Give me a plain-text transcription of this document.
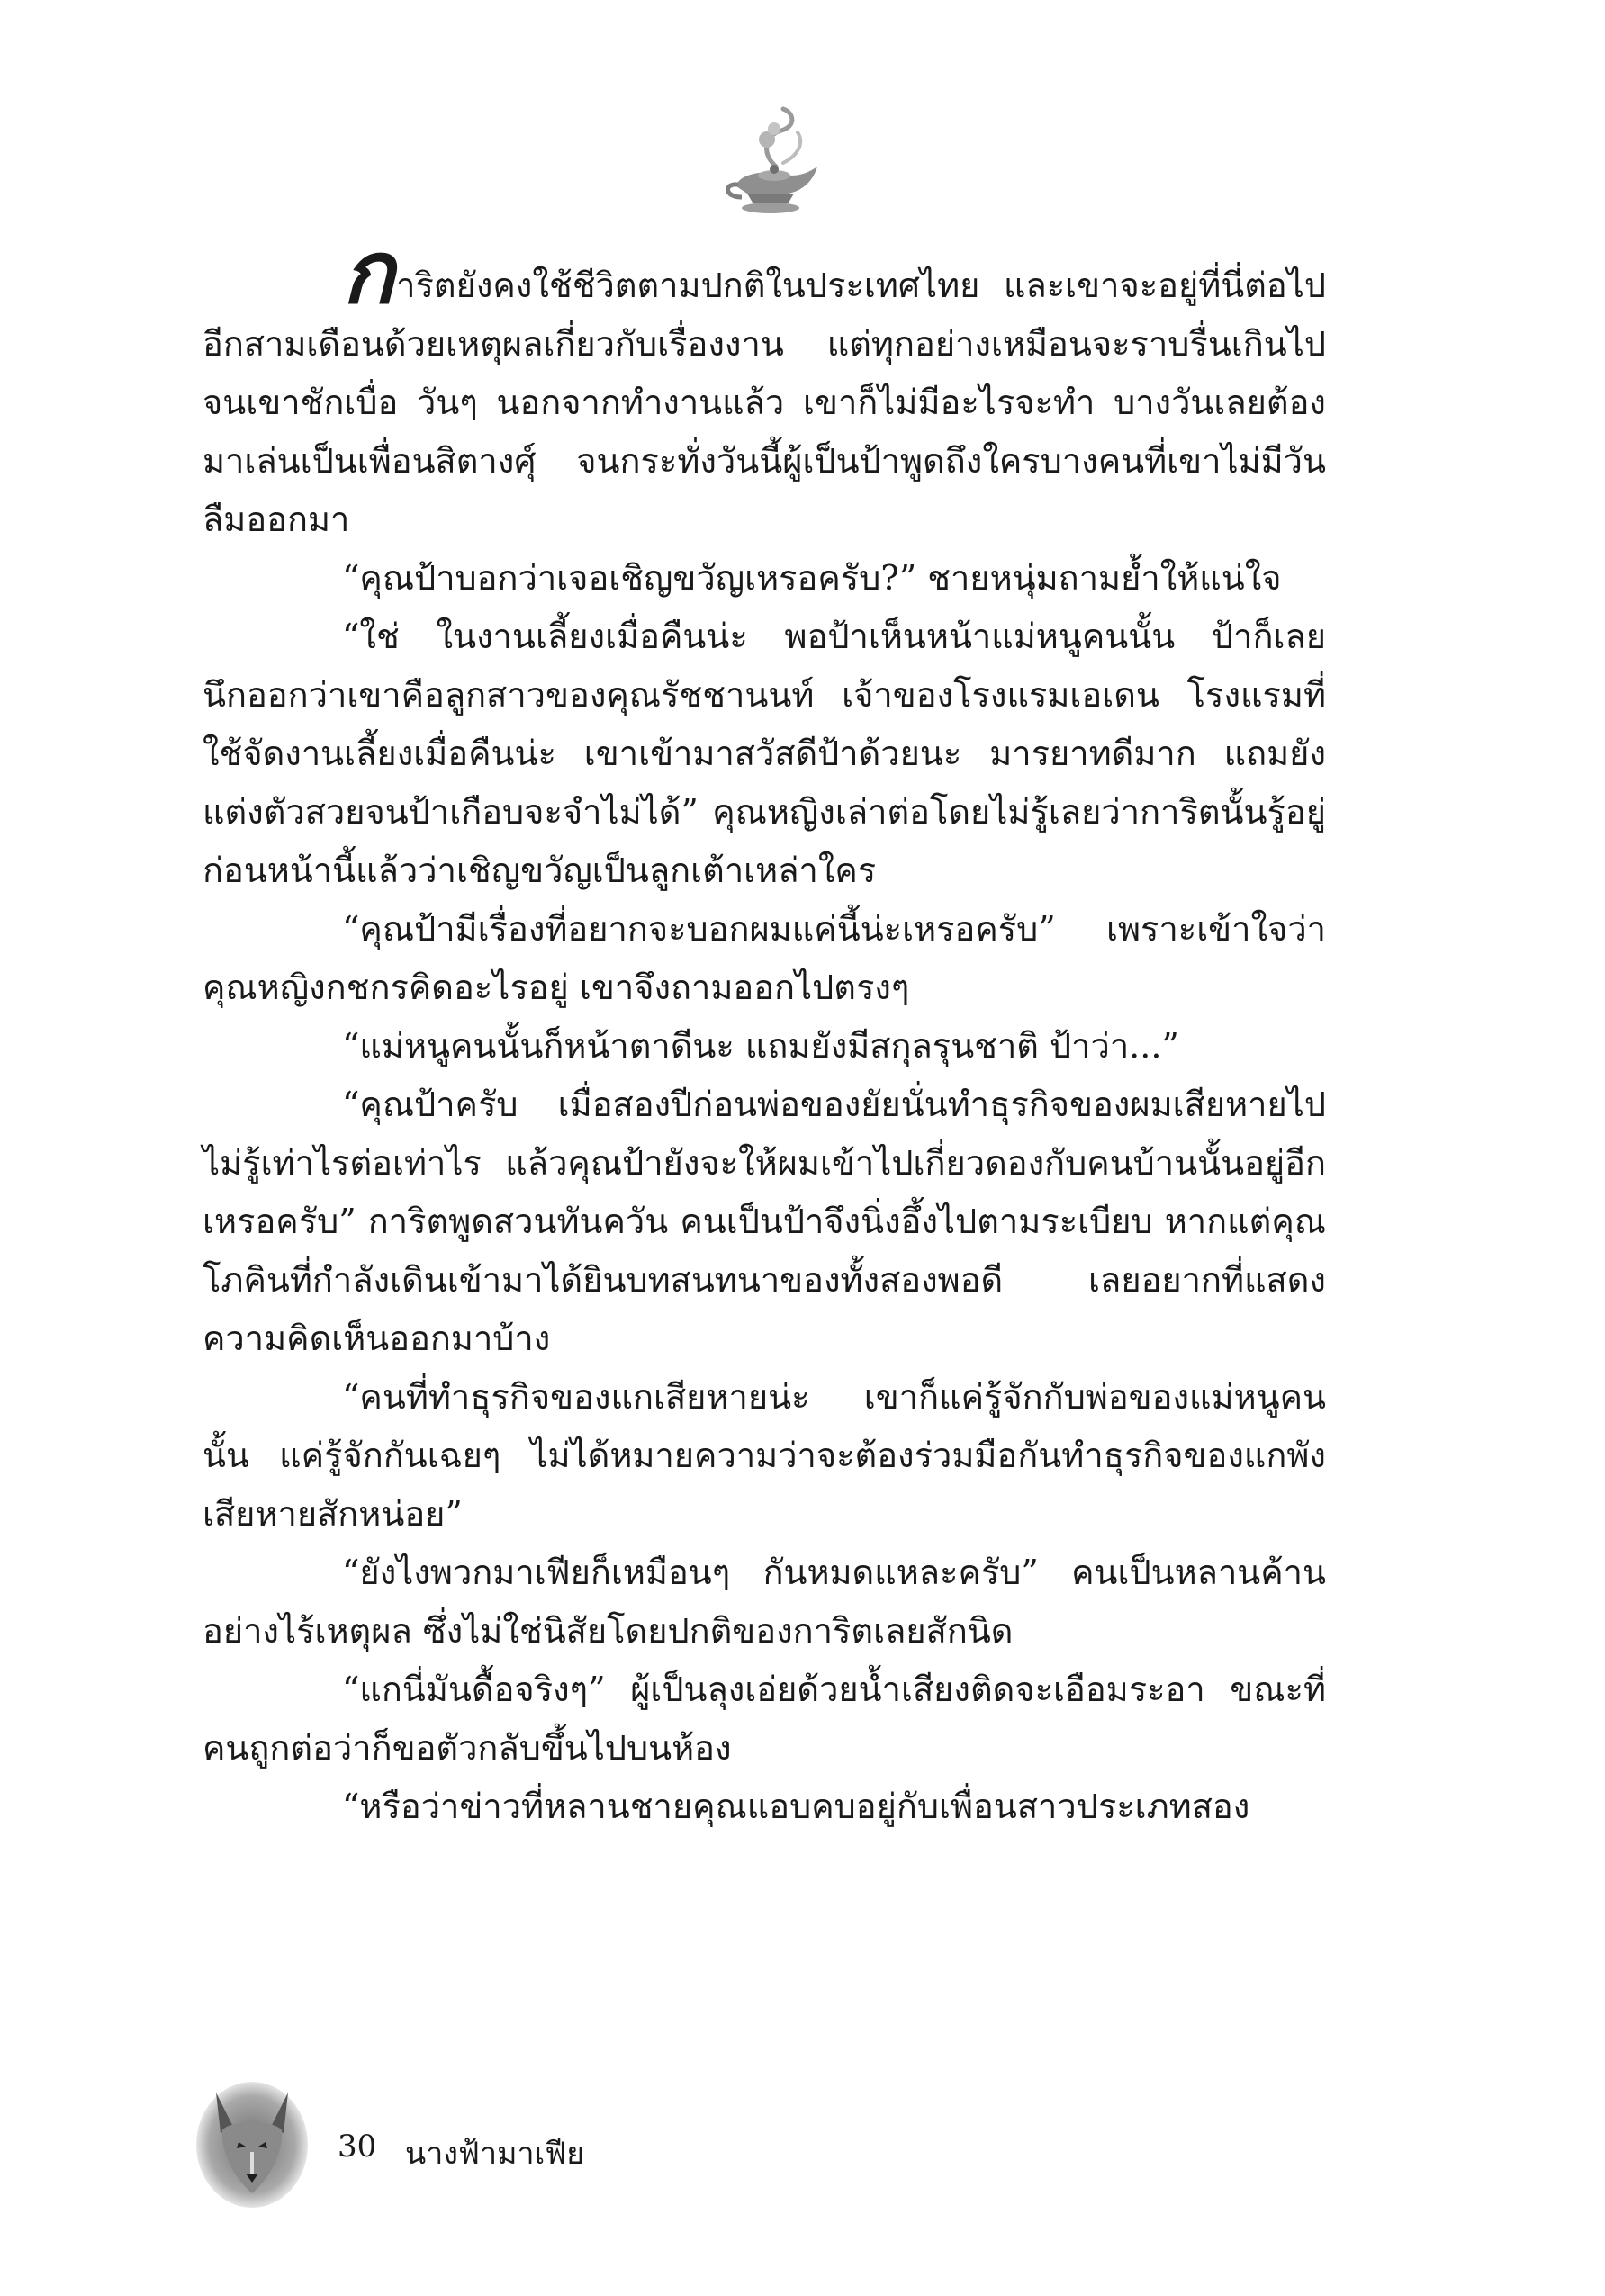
การิตยังคงใช้ชีวิตตามปกติในประเทศไทย และเขาจะอยู่ที่นี่ต่อไปอีกสามเดือนด้วยเหตุผลเกี่ยวกับเรื่องงาน แต่ทุกอย่างเหมือนจะราบรื่นเกินไป จนเขาชักเบื่อ วันๆ นอกจากทำงานแล้ว เขาก็ไม่มีอะไรจะทำ บางวันเลยต้องมาเล่นเป็นเพื่อนสิตางศุ์ จนกระทั่งวันนี้ผู้เป็นป้าพูดถึงใครบางคนที่เขาไม่มีวันลืมออกมา

“คุณป้าบอกว่าเจอเชิญขวัญเหรอครับ?” ชายหนุ่มถามย้ำให้แน่ใจ

“ใช่ ในงานเลี้ยงเมื่อคืนน่ะ พอป้าเห็นหน้าแม่หนูคนนั้น ป้าก็เลยนึกออกว่าเขาคือลูกสาวของคุณรัชชานนท์ เจ้าของโรงแรมเอเดน โรงแรมที่ใช้จัดงานเลี้ยงเมื่อคืนน่ะ เขาเข้ามาสวัสดีป้าด้วยนะ มารยาทดีมาก แถมยังแต่งตัวสวยจนป้าเกือบจะจำไม่ได้” คุณหญิงเล่าต่อโดยไม่รู้เลยว่าการิตนั้นรู้อยู่ก่อนหน้านี้แล้วว่าเชิญขวัญเป็นลูกเต้าเหล่าใคร

“คุณป้ามีเรื่องที่อยากจะบอกผมแค่นี้น่ะเหรอครับ” เพราะเข้าใจว่าคุณหญิงกชกรคิดอะไรอยู่ เขาจึงถามออกไปตรงๆ

“แม่หนูคนนั้นก็หน้าตาดีนะ แถมยังมีสกุลรุนชาติ ป้าว่า...”

“คุณป้าครับ เมื่อสองปีก่อนพ่อของยัยนั่นทำธุรกิจของผมเสียหายไปไม่รู้เท่าไรต่อเท่าไร แล้วคุณป้ายังจะให้ผมเข้าไปเกี่ยวดองกับคนบ้านนั้นอยู่อีกเหรอครับ” การิตพูดสวนทันควัน คนเป็นป้าจึงนิ่งอึ้งไปตามระเบียบ หากแต่คุณโภคินที่กำลังเดินเข้ามาได้ยินบทสนทนาของทั้งสองพอดี เลยอยากที่แสดงความคิดเห็นออกมาบ้าง

“คนที่ทำธุรกิจของแกเสียหายน่ะ เขาก็แค่รู้จักกับพ่อของแม่หนูคนนั้น แค่รู้จักกันเฉยๆ ไม่ได้หมายความว่าจะต้องร่วมมือกันทำธุรกิจของแกพังเสียหายสักหน่อย”

“ยังไงพวกมาเฟียก็เหมือนๆ กันหมดแหละครับ” คนเป็นหลานค้านอย่างไร้เหตุผล ซึ่งไม่ใช่นิสัยโดยปกติของการิตเลยสักนิด

“แกนี่มันดื้อจริงๆ” ผู้เป็นลุงเอ่ยด้วยน้ำเสียงติดจะเอือมระอา ขณะที่คนถูกต่อว่าก็ขอตัวกลับขึ้นไปบนห้อง

“หรือว่าข่าวที่หลานชายคุณแอบคบอยู่กับเพื่อนสาวประเภทสอง

30 นางฟ้ามาเฟีย
